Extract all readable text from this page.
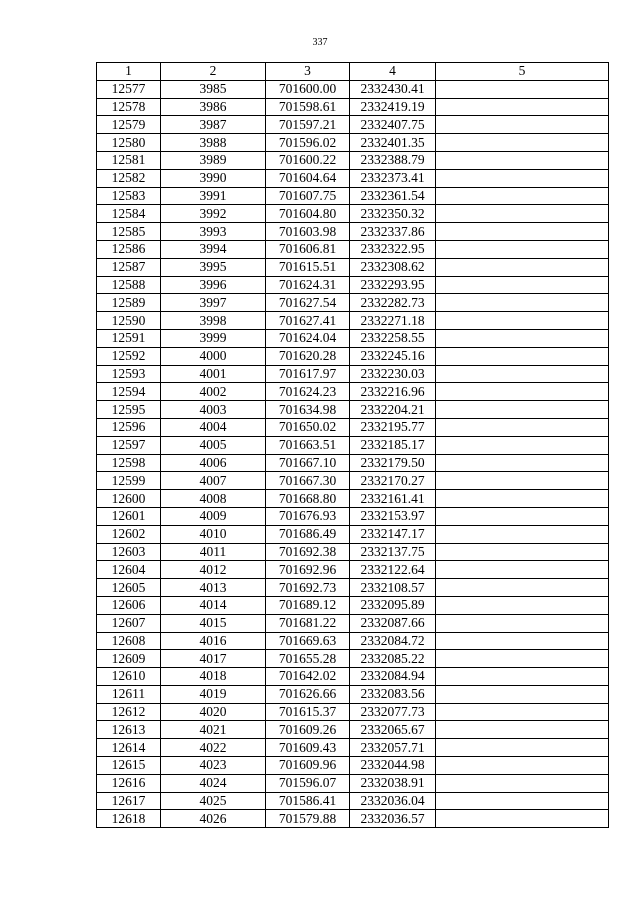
337
1	2	3	4	5
12577	3985	701600.00	2332430.41	
12578	3986	701598.61	2332419.19	
12579	3987	701597.21	2332407.75	
12580	3988	701596.02	2332401.35	
12581	3989	701600.22	2332388.79	
12582	3990	701604.64	2332373.41	
12583	3991	701607.75	2332361.54	
12584	3992	701604.80	2332350.32	
12585	3993	701603.98	2332337.86	
12586	3994	701606.81	2332322.95	
12587	3995	701615.51	2332308.62	
12588	3996	701624.31	2332293.95	
12589	3997	701627.54	2332282.73	
12590	3998	701627.41	2332271.18	
12591	3999	701624.04	2332258.55	
12592	4000	701620.28	2332245.16	
12593	4001	701617.97	2332230.03	
12594	4002	701624.23	2332216.96	
12595	4003	701634.98	2332204.21	
12596	4004	701650.02	2332195.77	
12597	4005	701663.51	2332185.17	
12598	4006	701667.10	2332179.50	
12599	4007	701667.30	2332170.27	
12600	4008	701668.80	2332161.41	
12601	4009	701676.93	2332153.97	
12602	4010	701686.49	2332147.17	
12603	4011	701692.38	2332137.75	
12604	4012	701692.96	2332122.64	
12605	4013	701692.73	2332108.57	
12606	4014	701689.12	2332095.89	
12607	4015	701681.22	2332087.66	
12608	4016	701669.63	2332084.72	
12609	4017	701655.28	2332085.22	
12610	4018	701642.02	2332084.94	
12611	4019	701626.66	2332083.56	
12612	4020	701615.37	2332077.73	
12613	4021	701609.26	2332065.67	
12614	4022	701609.43	2332057.71	
12615	4023	701609.96	2332044.98	
12616	4024	701596.07	2332038.91	
12617	4025	701586.41	2332036.04	
12618	4026	701579.88	2332036.57	
